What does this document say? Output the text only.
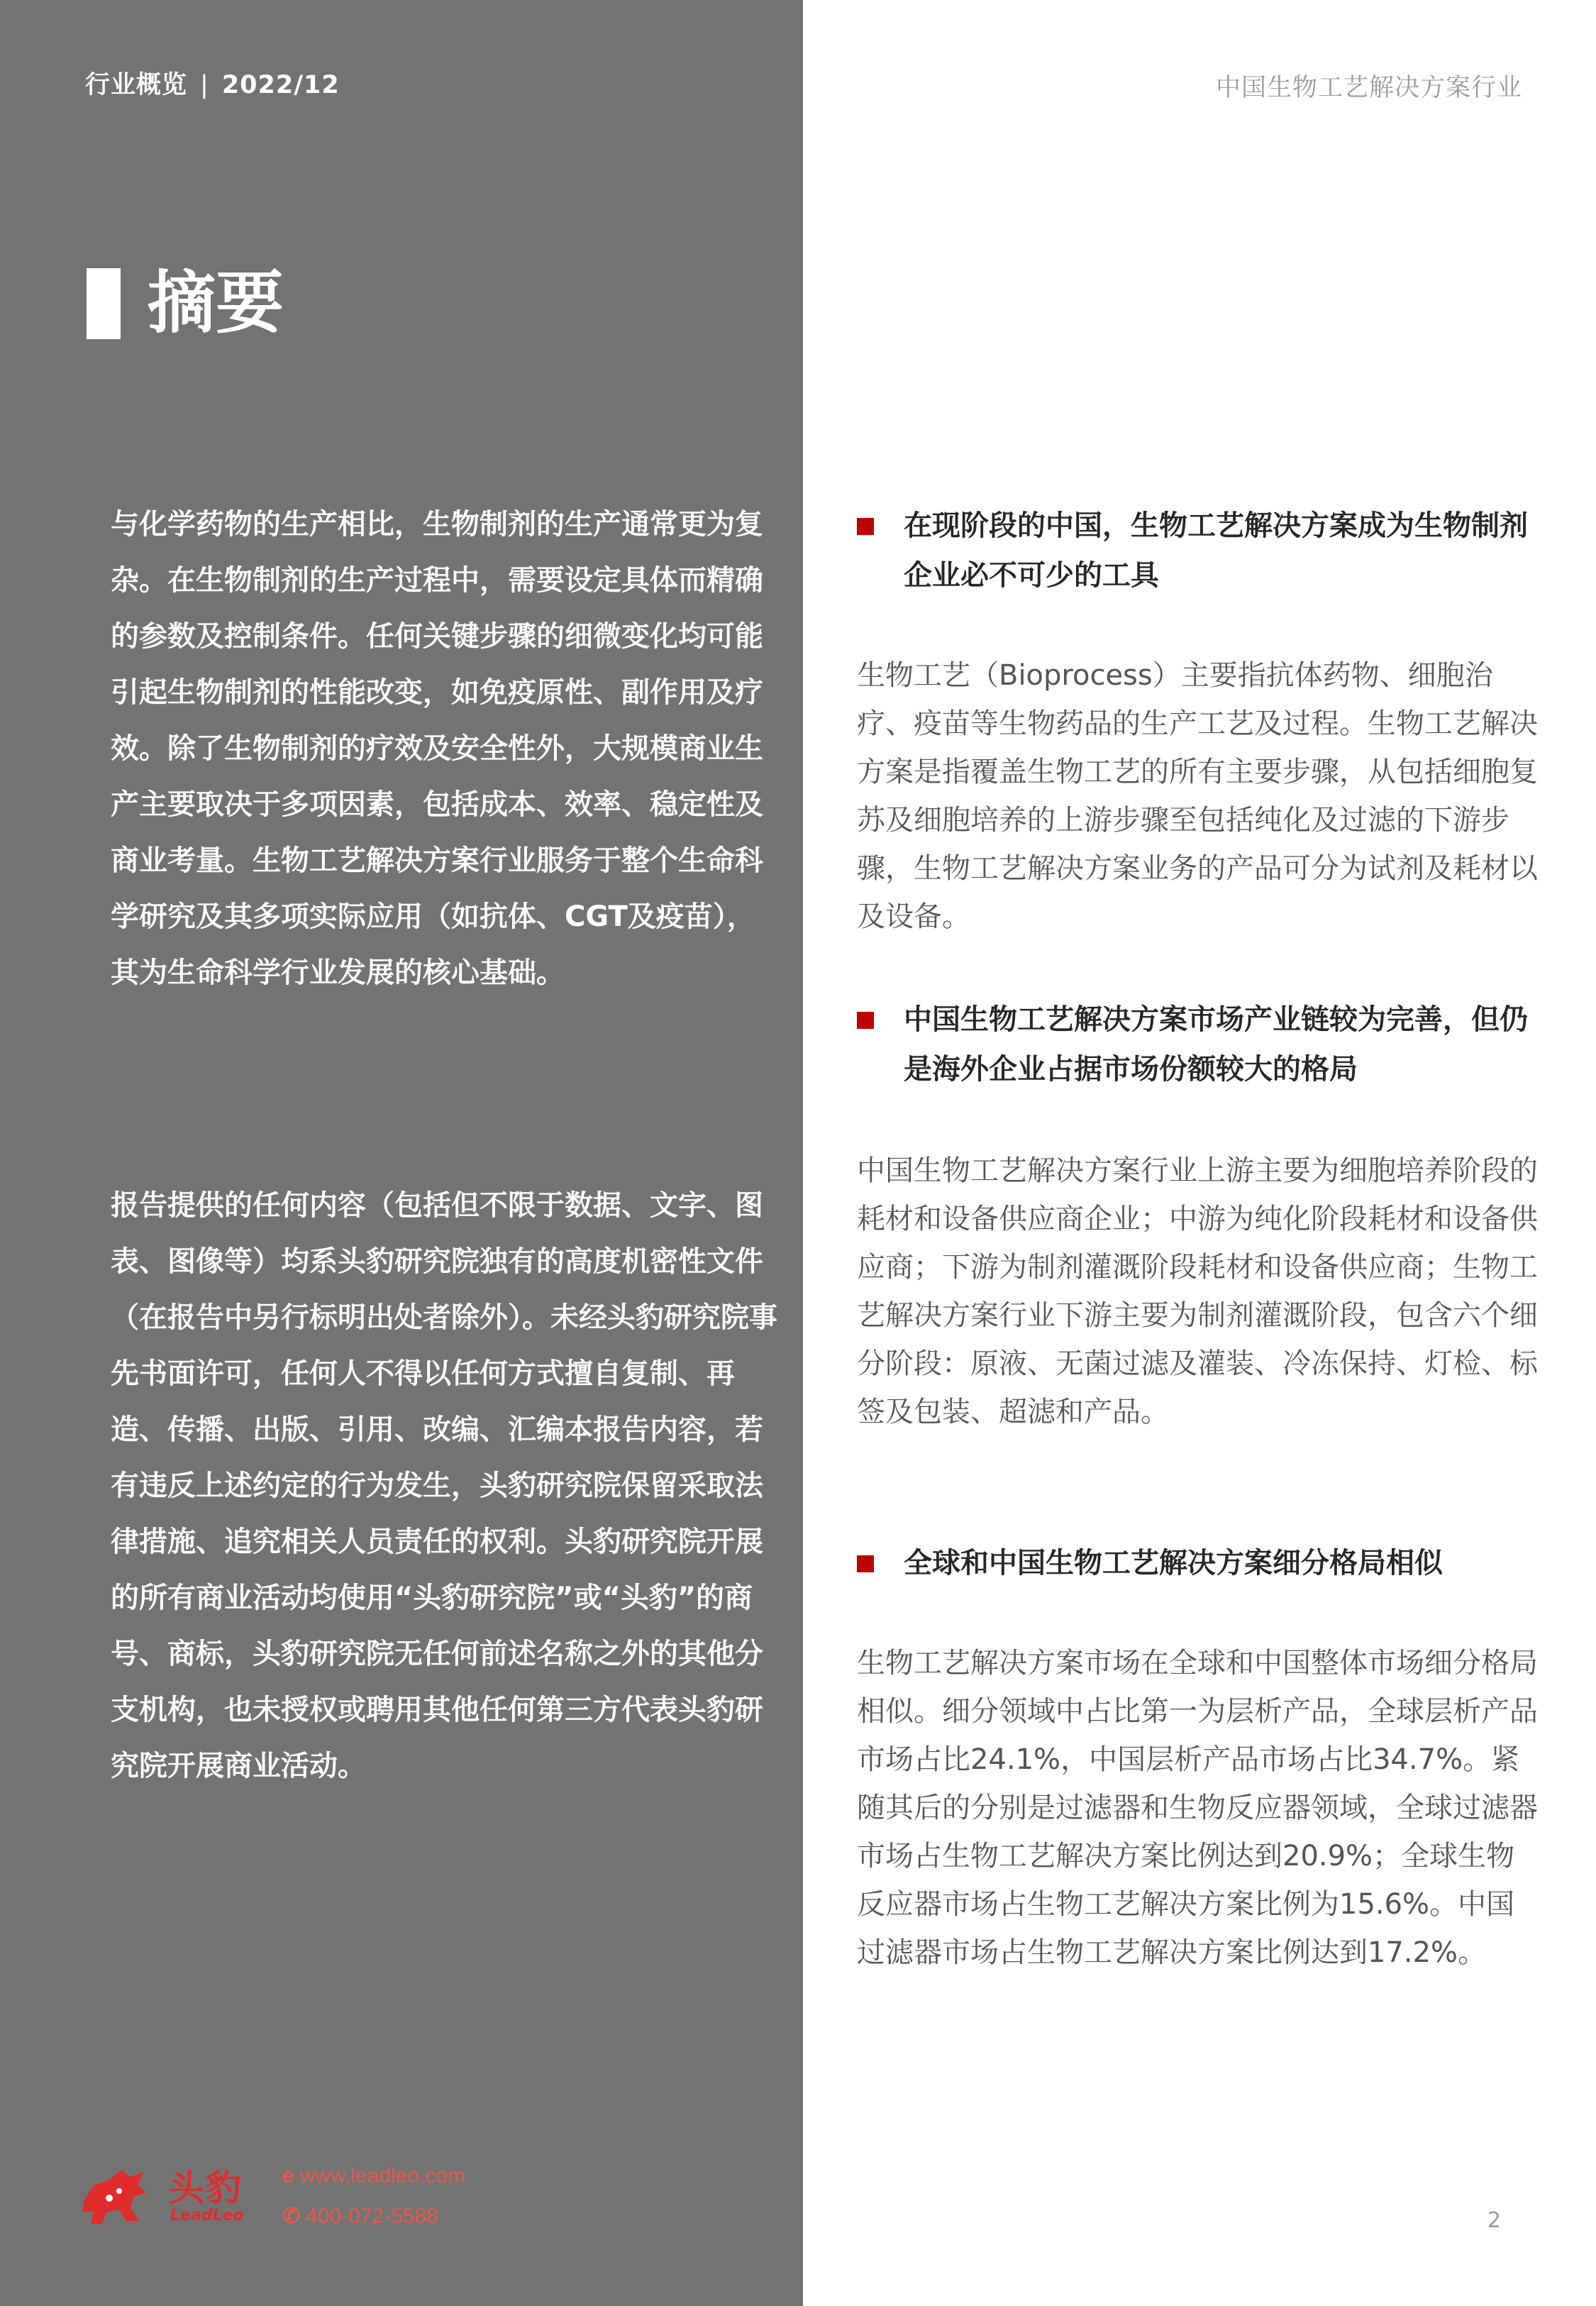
行业概览 | 2022/12	中国生物工艺解决方案行业
摘要

与化学药物的生产相比，生物制剂的生产通常更为复杂。在生物制剂的生产过程中，需要设定具体而精确的参数及控制条件。任何关键步骤的细微变化均可能引起生物制剂的性能改变，如免疫原性、副作用及疗效。除了生物制剂的疗效及安全性外，大规模商业生产主要取决于多项因素，包括成本、效率、稳定性及商业考量。生物工艺解决方案行业服务于整个生命科学研究及其多项实际应用（如抗体、CGT及疫苗），其为生命科学行业发展的核心基础。

报告提供的任何内容（包括但不限于数据、文字、图表、图像等）均系头豹研究院独有的高度机密性文件（在报告中另行标明出处者除外）。未经头豹研究院事先书面许可，任何人不得以任何方式擅自复制、再造、传播、出版、引用、改编、汇编本报告内容，若有违反上述约定的行为发生，头豹研究院保留采取法律措施、追究相关人员责任的权利。头豹研究院开展的所有商业活动均使用“头豹研究院”或“头豹”的商号、商标，头豹研究院无任何前述名称之外的其他分支机构，也未授权或聘用其他任何第三方代表头豹研究院开展商业活动。

在现阶段的中国，生物工艺解决方案成为生物制剂企业必不可少的工具

生物工艺（Bioprocess）主要指抗体药物、细胞治疗、疫苗等生物药品的生产工艺及过程。生物工艺解决方案是指覆盖生物工艺的所有主要步骤，从包括细胞复苏及细胞培养的上游步骤至包括纯化及过滤的下游步骤，生物工艺解决方案业务的产品可分为试剂及耗材以及设备。

中国生物工艺解决方案市场产业链较为完善，但仍是海外企业占据市场份额较大的格局

中国生物工艺解决方案行业上游主要为细胞培养阶段的耗材和设备供应商企业；中游为纯化阶段耗材和设备供应商；下游为制剂灌溉阶段耗材和设备供应商；生物工艺解决方案行业下游主要为制剂灌溉阶段，包含六个细分阶段：原液、无菌过滤及灌装、冷冻保持、灯检、标签及包装、超滤和产品。

全球和中国生物工艺解决方案细分格局相似

生物工艺解决方案市场在全球和中国整体市场细分格局相似。细分领域中占比第一为层析产品，全球层析产品市场占比24.1%，中国层析产品市场占比34.7%。紧随其后的分别是过滤器和生物反应器领域，全球过滤器市场占生物工艺解决方案比例达到20.9%；全球生物反应器市场占生物工艺解决方案比例为15.6%。中国过滤器市场占生物工艺解决方案比例达到17.2%。

头豹
LeadLeo
e www.leadleo.com
✆ 400-072-5588	2
